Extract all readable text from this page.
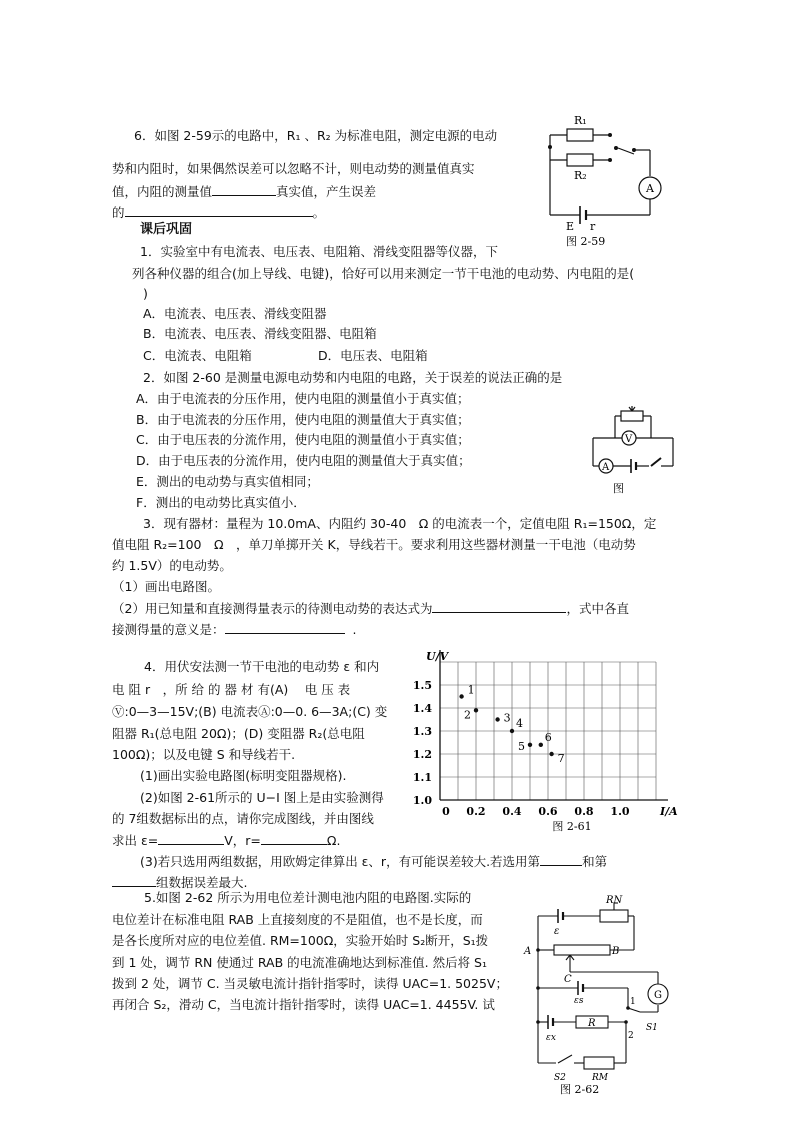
6．如图 2-59示的电路中，R₁ 、R₂ 为标准电阻，测定电源的电动
势和内阻时，如果偶然误差可以忽略不计，则电动势的测量值真实
值，内阻的测量值	真实值，产生误差
的	。
R₁
R₂
A
E r
图 2-59
课后巩固
1．实验室中有电流表、电压表、电阻箱、滑线变阻器等仪器，下
列各种仪器的组合(加上导线、电键)，恰好可以用来测定一节干电池的电动势、内电阻的是(
)
A．电流表、电压表、滑线变阻器
B．电流表、电压表、滑线变阻器、电阻箱
C．电流表、电阻箱	D．电压表、电阻箱
2．如图 2-60 是测量电源电动势和内电阻的电路，关于误差的说法正确的是
A．由于电流表的分压作用，使内电阻的测量值小于真实值；
B．由于电流表的分压作用，使内电阻的测量值大于真实值；
C．由于电压表的分流作用，使内电阻的测量值小于真实值；
D．由于电压表的分流作用，使内电阻的测量值大于真实值；
E．测出的电动势与真实值相同；
F．测出的电动势比真实值小．
V
A
图
3．现有器材：量程为 10.0mA、内阻约 30-40　Ω 的电流表一个，定值电阻 R₁=150Ω，定
值电阻 R₂=100　Ω　，单刀单掷开关 K，导线若干。要求利用这些器材测量一干电池（电动势
约 1.5V）的电动势。
（1）画出电路图。
（2）用已知量和直接测得量表示的待测电动势的表达式为	，式中各直
接测得量的意义是：	.
4．用伏安法测一节干电池的电动势 ε 和内
电 阻 r　，所 给 的 器 材 有(A)　 电 压 表
Ⓥ:0—3—15V;(B) 电流表Ⓐ:0—0. 6—3A;(C) 变
阻器 R₁(总电阻 20Ω)；(D) 变阻器 R₂(总电阻
100Ω)；以及电键 S 和导线若干.
(1)画出实验电路图(标明变阻器规格).
(2)如图 2-61所示的 U−I 图上是由实验测得
的 7组数据标出的点，请你完成图线，并由图线
求出 ε=	V，r=	Ω.
(3)若只选用两组数据，用欧姆定律算出 ε、r，有可能误差较大.若选用第	和第
组数据误差最大.
0 0.2 0.4 0.6 0.8 1.0
1.0
1.1
1.2
1.3
1.4
1.5
U/V
I/A
1
2	3 4
5
6
7
图 2-61
5.如图 2-62 所示为用电位差计测电池内阻的电路图.实际的
电位差计在标准电阻 RAB 上直接刻度的不是阻值，也不是长度，而
是各长度所对应的电位差值. RM=100Ω，实验开始时 S₂断开，S₁拨
到 1 处，调节 RN 使通过 RAB 的电流准确地达到标准值. 然后将 S₁
拨到 2 处，调节 C. 当灵敏电流计指针指零时，读得 UAC=1. 5025V；
再闭合 S₂，滑动 C，当电流计指针指零时，读得 UAC=1. 4455V. 试
RN
ε
A	B
C
εs	G
εx
R
1
2
S1
S2	RM
图 2-62
